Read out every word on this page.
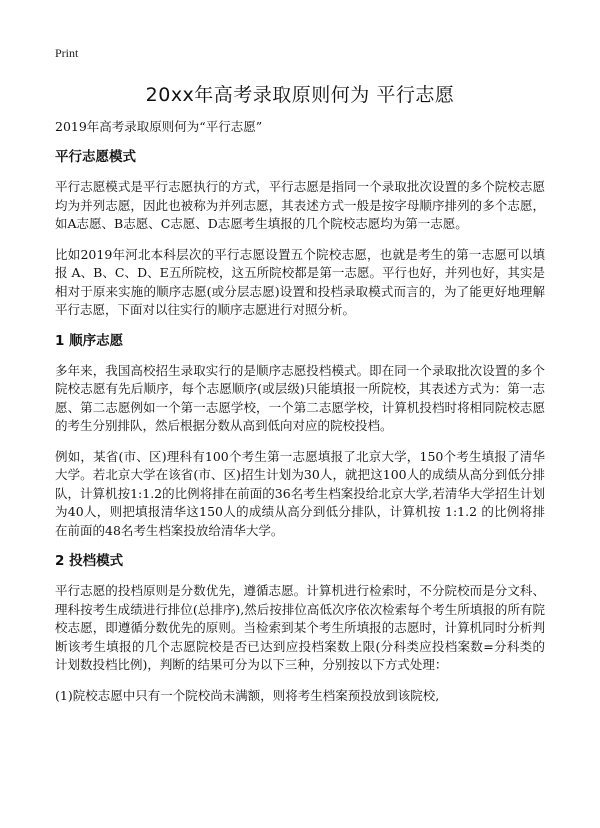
Print
20xx年高考录取原则何为 平行志愿
2019年高考录取原则何为“平行志愿”
平行志愿模式
平行志愿模式是平行志愿执行的方式，平行志愿是指同一个录取批次设置的多个院校志愿均为并列志愿，因此也被称为并列志愿，其表述方式一般是按字母顺序排列的多个志愿，如A志愿、B志愿、C志愿、D志愿考生填报的几个院校志愿均为第一志愿。
比如2019年河北本科层次的平行志愿设置五个院校志愿，也就是考生的第一志愿可以填报 A、B、C、D、E五所院校，这五所院校都是第一志愿。平行也好，并列也好，其实是相对于原来实施的顺序志愿(或分层志愿)设置和投档录取模式而言的，为了能更好地理解平行志愿，下面对以往实行的顺序志愿进行对照分析。
1 顺序志愿
多年来，我国高校招生录取实行的是顺序志愿投档模式。即在同一个录取批次设置的多个院校志愿有先后顺序，每个志愿顺序(或层级)只能填报一所院校，其表述方式为：第一志愿、第二志愿例如一个第一志愿学校，一个第二志愿学校，计算机投档时将相同院校志愿的考生分别排队，然后根据分数从高到低向对应的院校投档。
例如，某省(市、区)理科有100个考生第一志愿填报了北京大学，150个考生填报了清华大学。若北京大学在该省(市、区)招生计划为30人，就把这100人的成绩从高分到低分排队，计算机按1:1.2的比例将排在前面的36名考生档案投给北京大学,若清华大学招生计划为40人，则把填报清华这150人的成绩从高分到低分排队，计算机按 1:1.2 的比例将排在前面的48名考生档案投放给清华大学。
2 投档模式
平行志愿的投档原则是分数优先，遵循志愿。计算机进行检索时，不分院校而是分文科、理科按考生成绩进行排位(总排序),然后按排位高低次序依次检索每个考生所填报的所有院校志愿，即遵循分数优先的原则。当检索到某个考生所填报的志愿时，计算机同时分析判断该考生填报的几个志愿院校是否已达到应投档案数上限(分科类应投档案数=分科类的计划数投档比例)，判断的结果可分为以下三种，分别按以下方式处理：
(1)院校志愿中只有一个院校尚未满额，则将考生档案预投放到该院校,
